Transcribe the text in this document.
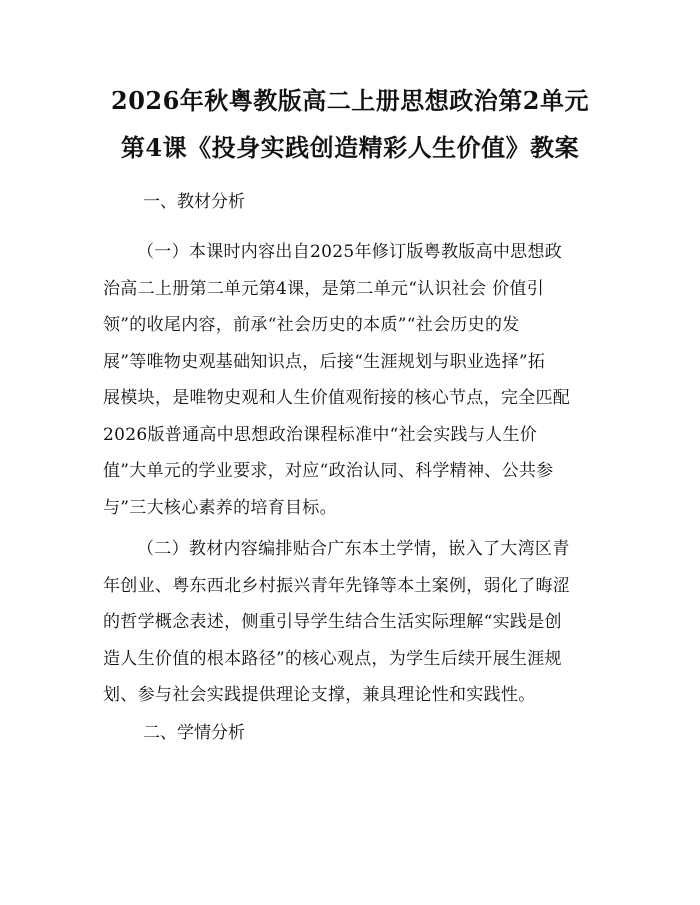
2026年秋粤教版高二上册思想政治第2单元
第4课《投身实践创造精彩人生价值》教案
一、教材分析
（一）本课时内容出自2025年修订版粤教版高中思想政
治高二上册第二单元第4课，是第二单元“认识社会 价值引
领”的收尾内容，前承“社会历史的本质”“社会历史的发
展”等唯物史观基础知识点，后接“生涯规划与职业选择”拓
展模块，是唯物史观和人生价值观衔接的核心节点，完全匹配
2026版普通高中思想政治课程标准中“社会实践与人生价
值”大单元的学业要求，对应“政治认同、科学精神、公共参
与”三大核心素养的培育目标。
（二）教材内容编排贴合广东本土学情，嵌入了大湾区青
年创业、粤东西北乡村振兴青年先锋等本土案例，弱化了晦涩
的哲学概念表述，侧重引导学生结合生活实际理解“实践是创
造人生价值的根本路径”的核心观点，为学生后续开展生涯规
划、参与社会实践提供理论支撑，兼具理论性和实践性。
二、学情分析
